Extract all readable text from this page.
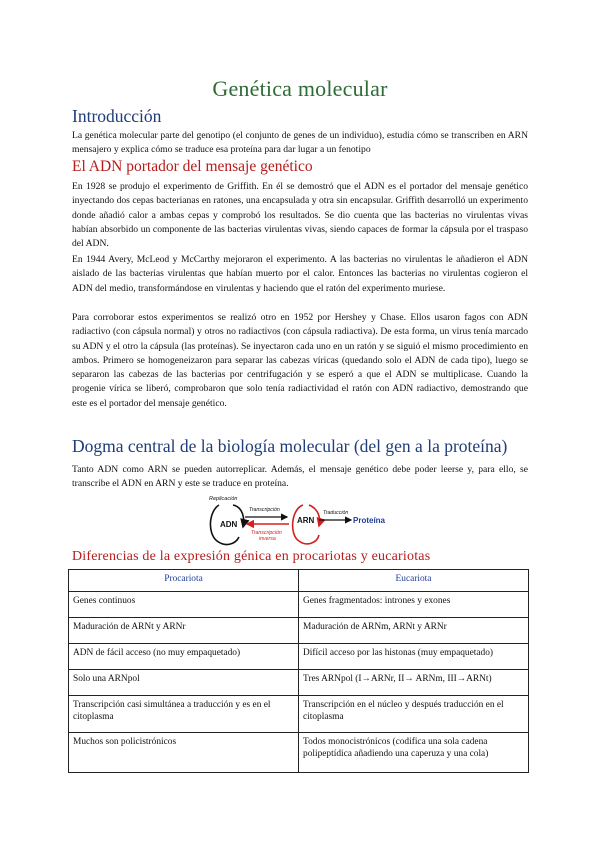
Genética molecular
Introducción
La genética molecular parte del genotipo (el conjunto de genes de un individuo), estudia cómo se transcriben en ARN mensajero y explica cómo se traduce esa proteína para dar lugar a un fenotipo
El ADN portador del mensaje genético
En 1928 se produjo el experimento de Griffith. En él se demostró que el ADN es el portador del mensaje genético inyectando dos cepas bacterianas en ratones, una encapsulada y otra sin encapsular. Griffith desarrolló un experimento donde añadió calor a ambas cepas y comprobó los resultados. Se dio cuenta que las bacterias no virulentas vivas habían absorbido un componente de las bacterias virulentas vivas, siendo capaces de formar la cápsula por el traspaso del ADN.
En 1944 Avery, McLeod y McCarthy mejoraron el experimento. A las bacterias no virulentas le añadieron el ADN aislado de las bacterias virulentas que habían muerto por el calor. Entonces las bacterias no virulentas cogieron el ADN del medio, transformándose en virulentas y haciendo que el ratón del experimento muriese.
Para corroborar estos experimentos se realizó otro en 1952 por Hershey y Chase. Ellos usaron fagos con ADN radiactivo (con cápsula normal) y otros no radiactivos (con cápsula radiactiva). De esta forma, un virus tenía marcado su ADN y el otro la cápsula (las proteínas). Se inyectaron cada uno en un ratón y se siguió el mismo procedimiento en ambos. Primero se homogeneizaron para separar las cabezas víricas (quedando solo el ADN de cada tipo), luego se separaron las cabezas de las bacterias por centrifugación y se esperó a que el ADN se multiplicase. Cuando la progenie vírica se liberó, comprobaron que solo tenía radiactividad el ratón con ADN radiactivo, demostrando que este es el portador del mensaje genético.
Dogma central de la biología molecular (del gen a la proteína)
Tanto ADN como ARN se pueden autorreplicar. Además, el mensaje genético debe poder leerse y, para ello, se transcribe el ADN en ARN y este se traduce en proteína.
Replicación
ADN
Transcripción
Transcripción
inversa
ARN
Traducción
Proteína
Diferencias de la expresión génica en procariotas y eucariotas
Procariota	Eucariota
Genes continuos	Genes fragmentados: intrones y exones
Maduración de ARNt y ARNr	Maduración de ARNm, ARNt y ARNr
ADN de fácil acceso (no muy empaquetado)	Difícil acceso por las histonas (muy empaquetado)
Solo una ARNpol	Tres ARNpol (I→ARNr, II→ ARNm, III→ARNt)
Transcripción casi simultánea a traducción y es en el citoplasma	Transcripción en el núcleo y después traducción en el citoplasma
Muchos son policistrónicos	Todos monocistrónicos (codifica una sola cadena polipeptídica añadiendo una caperuza y una cola)
